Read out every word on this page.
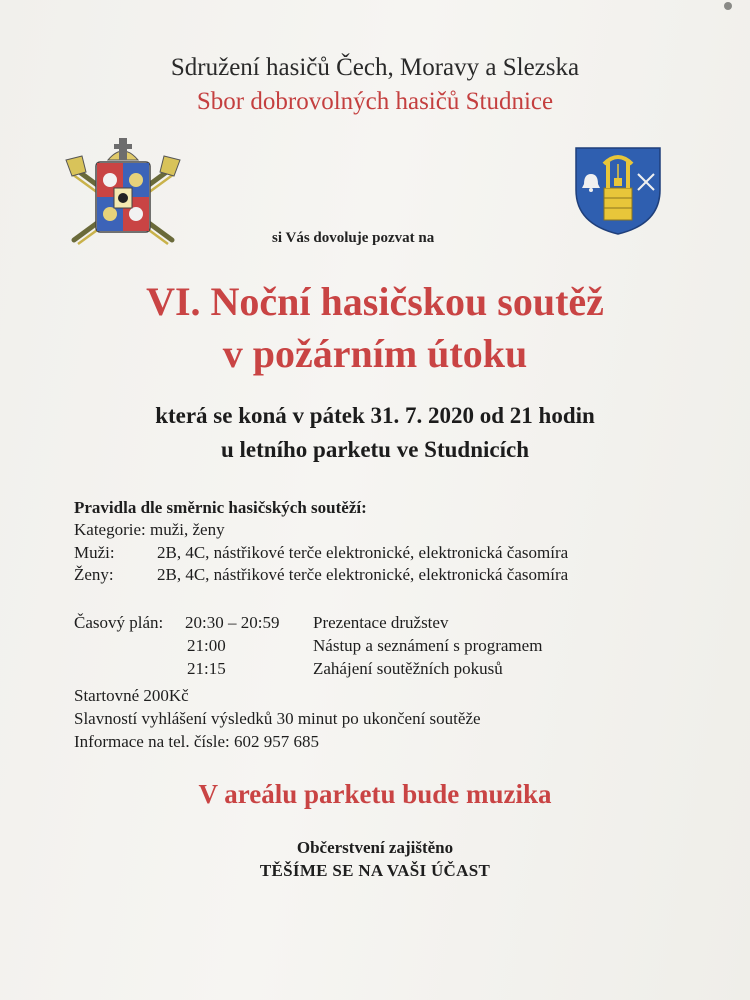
Sdružení hasičů Čech, Moravy a Slezska
Sbor dobrovolných hasičů Studnice
si Vás dovoluje pozvat na
VI. Noční hasičskou soutěž
v požárním útoku
která se koná v pátek 31. 7. 2020 od 21 hodin
u letního parketu ve Studnicích
Pravidla dle směrnic hasičských soutěží:
Kategorie: muži, ženy
Muži: 2B, 4C, nástřikové terče elektronické, elektronická časomíra
Ženy:	2B, 4C, nástřikové terče elektronické, elektronická časomíra
Časový plán: 20:30 – 20:59 Prezentace družstev
21:00	Nástup a seznámení s programem
21:15	Zahájení soutěžních pokusů
Startovné 200Kč
Slavností vyhlášení výsledků 30 minut po ukončení soutěže
Informace na tel. čísle: 602 957 685
V areálu parketu bude muzika
Občerstvení zajištěno
TĚŠÍME SE NA VAŠI ÚČAST
